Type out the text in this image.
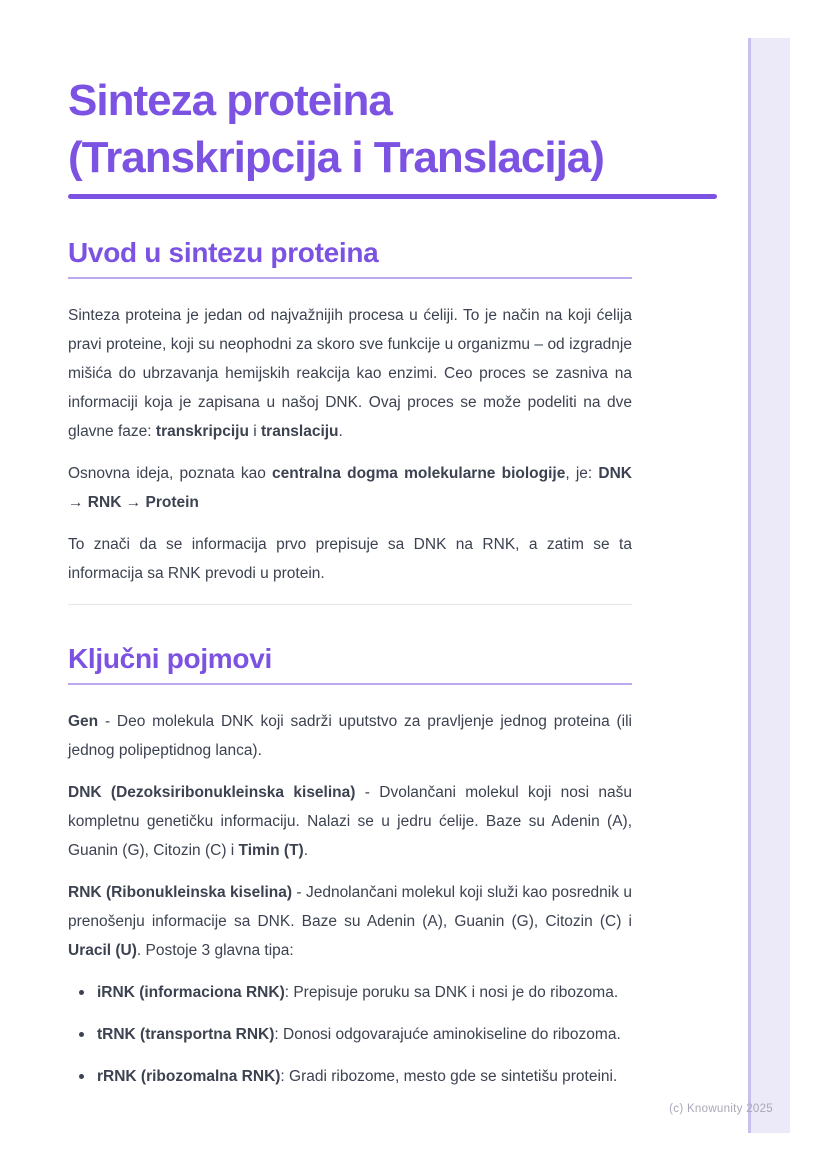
Sinteza proteina
(Transkripcija i Translacija)
Uvod u sintezu proteina

Sinteza proteina je jedan od najvažnijih procesa u ćeliji. To je način na koji ćelija pravi proteine, koji su neophodni za skoro sve funkcije u organizmu – od izgradnje mišića do ubrzavanja hemijskih reakcija kao enzimi. Ceo proces se zasniva na informaciji koja je zapisana u našoj DNK. Ovaj proces se može podeliti na dve glavne faze: transkripciju i translaciju.

Osnovna ideja, poznata kao centralna dogma molekularne biologije, je: DNK → RNK → Protein

To znači da se informacija prvo prepisuje sa DNK na RNK, a zatim se ta informacija sa RNK prevodi u protein.

Ključni pojmovi

Gen - Deo molekula DNK koji sadrži uputstvo za pravljenje jednog proteina (ili jednog polipeptidnog lanca).

DNK (Dezoksiribonukleinska kiselina) - Dvolančani molekul koji nosi našu kompletnu genetičku informaciju. Nalazi se u jedru ćelije. Baze su Adenin (A), Guanin (G), Citozin (C) i Timin (T).

RNK (Ribonukleinska kiselina) - Jednolančani molekul koji služi kao posrednik u prenošenju informacije sa DNK. Baze su Adenin (A), Guanin (G), Citozin (C) i Uracil (U). Postoje 3 glavna tipa:

iRNK (informaciona RNK): Prepisuje poruku sa DNK i nosi je do ribozoma.
tRNK (transportna RNK): Donosi odgovarajuće aminokiseline do ribozoma.
rRNK (ribozomalna RNK): Gradi ribozome, mesto gde se sintetišu proteini.
(c) Knowunity 2025
